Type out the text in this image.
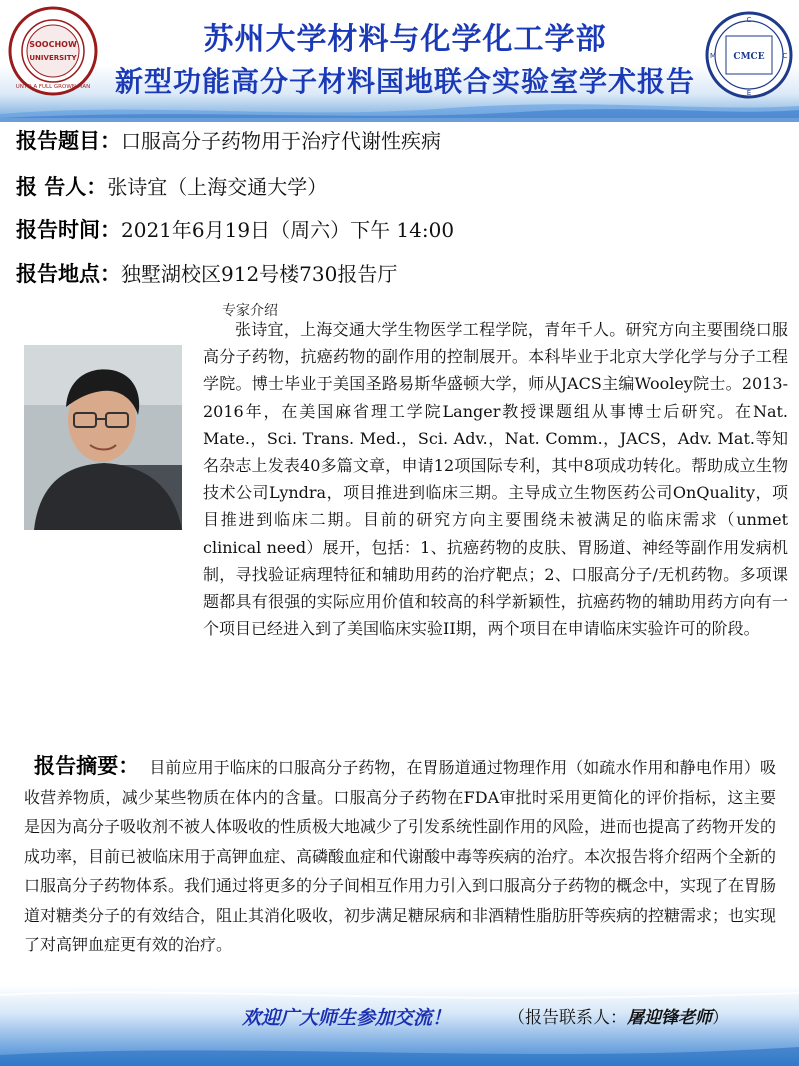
SOOCHOW
UNIVERSITY
UNTO A FULL GROWN MAN
CMCE
C
M	C
E
苏州大学材料与化学化工学部
新型功能高分子材料国地联合实验室学术报告
报告题目：口服高分子药物用于治疗代谢性疾病
报 告人：张诗宜（上海交通大学）
报告时间：2021年6月19日（周六）下午 14:00
报告地点：独墅湖校区912号楼730报告厅
专家介绍
张诗宜，上海交通大学生物医学工程学院，青年千人。研究方向主要围绕口服高分子药物，抗癌药物的副作用的控制展开。本科毕业于北京大学化学与分子工程学院。博士毕业于美国圣路易斯华盛顿大学，师从JACS主编Wooley院士。2013-2016年，在美国麻省理工学院Langer教授课题组从事博士后研究。在Nat. Mate.，Sci. Trans. Med.，Sci. Adv.，Nat. Comm.，JACS，Adv. Mat.等知名杂志上发表40多篇文章，申请12项国际专利，其中8项成功转化。帮助成立生物技术公司Lyndra，项目推进到临床三期。主导成立生物医药公司OnQuality，项目推进到临床二期。目前的研究方向主要围绕未被满足的临床需求（unmet clinical need）展开，包括：1、抗癌药物的皮肤、胃肠道、神经等副作用发病机制，寻找验证病理特征和辅助用药的治疗靶点；2、口服高分子/无机药物。多项课题都具有很强的实际应用价值和较高的科学新颖性，抗癌药物的辅助用药方向有一个项目已经进入到了美国临床实验II期，两个项目在申请临床实验许可的阶段。
报告摘要： 目前应用于临床的口服高分子药物，在胃肠道通过物理作用（如疏水作用和静电作用）吸收营养物质，减少某些物质在体内的含量。口服高分子药物在FDA审批时采用更简化的评价指标，这主要是因为高分子吸收剂不被人体吸收的性质极大地减少了引发系统性副作用的风险，进而也提高了药物开发的成功率，目前已被临床用于高钾血症、高磷酸血症和代谢酸中毒等疾病的治疗。本次报告将介绍两个全新的口服高分子药物体系。我们通过将更多的分子间相互作用力引入到口服高分子药物的概念中，实现了在胃肠道对糖类分子的有效结合，阻止其消化吸收，初步满足糖尿病和非酒精性脂肪肝等疾病的控糖需求；也实现了对高钾血症更有效的治疗。
欢迎广大师生参加交流！	（报告联系人：屠迎锋老师）
